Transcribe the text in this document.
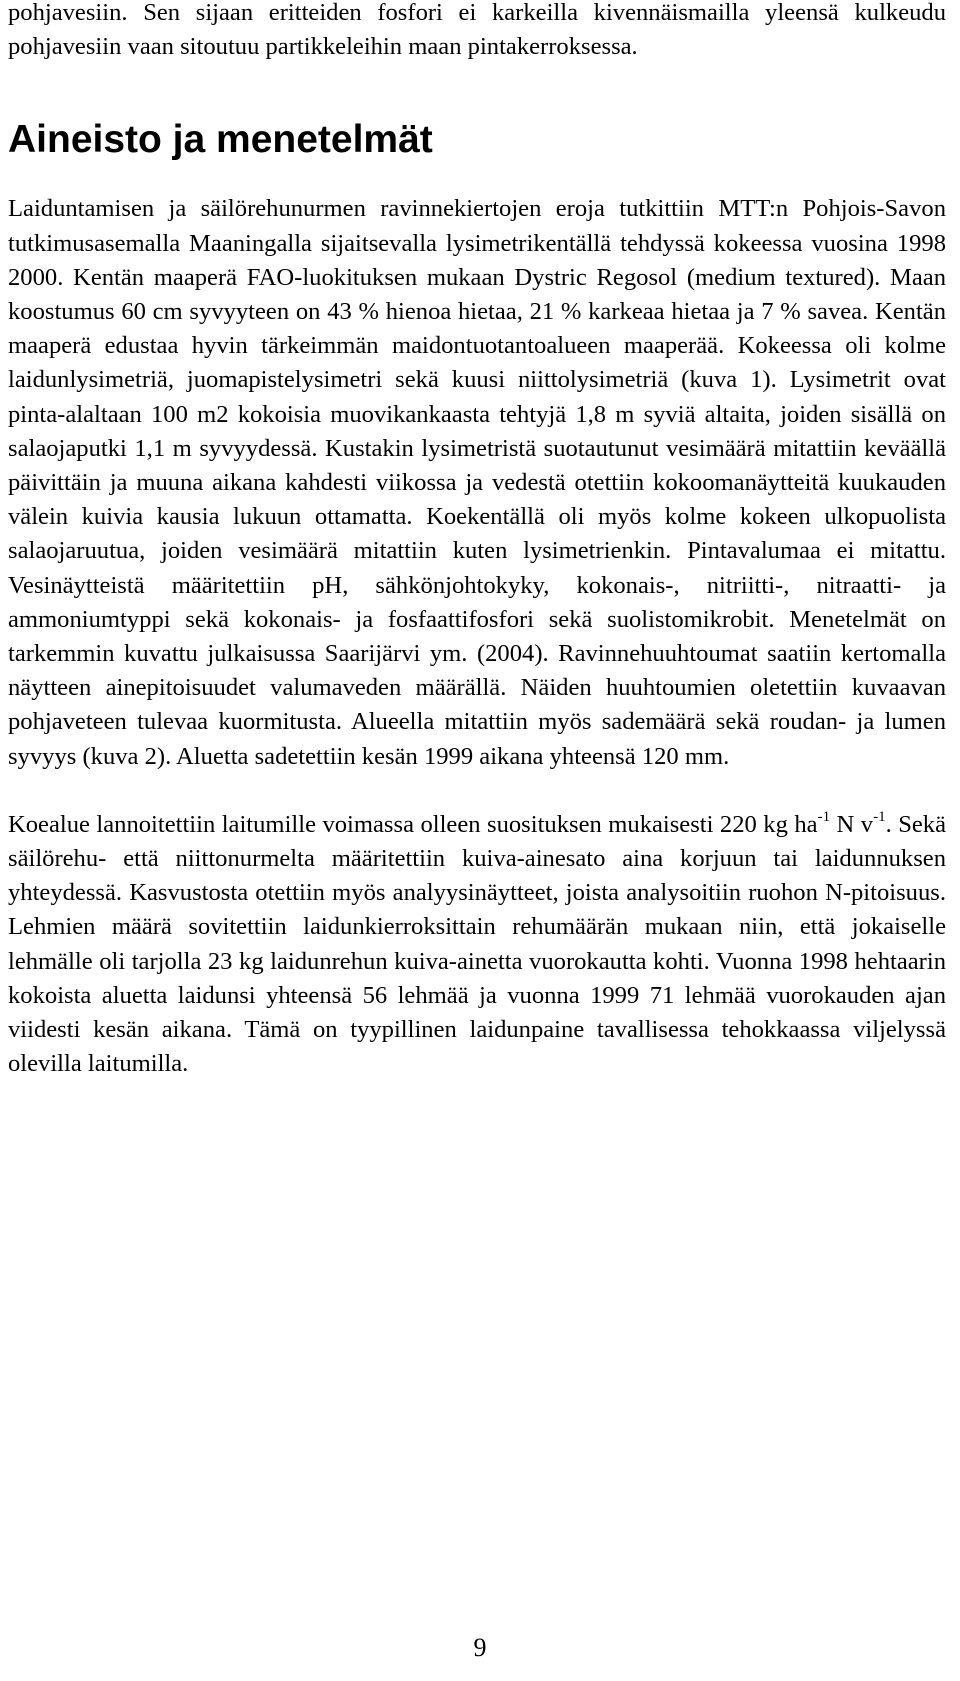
pohjavesiin. Sen sijaan eritteiden fosfori ei karkeilla kivennäismailla yleensä kulkeudu pohjavesiin vaan sitoutuu partikkeleihin maan pintakerroksessa.

Aineisto ja menetelmät

Laiduntamisen ja säilörehunurmen ravinnekiertojen eroja tutkittiin MTT:n Pohjois-Savon tutkimusasemalla Maaningalla sijaitsevalla lysimetrikentällä tehdyssä kokeessa vuosina 1998 2000. Kentän maaperä FAO-luokituksen mukaan Dystric Regosol (medium textured). Maan koostumus 60 cm syvyyteen on 43 % hienoa hietaa, 21 % karkeaa hietaa ja 7 % savea. Kentän maaperä edustaa hyvin tärkeimmän maidontuotantoalueen maaperää. Kokeessa oli kolme laidunlysimetriä, juomapistelysimetri sekä kuusi niittolysimetriä (kuva 1). Lysimetrit ovat pinta-alaltaan 100 m2 kokoisia muovikankaasta tehtyjä 1,8 m syviä altaita, joiden sisällä on salaojaputki 1,1 m syvyydessä. Kustakin lysimetristä suotautunut vesimäärä mitattiin keväällä päivittäin ja muuna aikana kahdesti viikossa ja vedestä otettiin kokoomanäytteitä kuukauden välein kuivia kausia lukuun ottamatta. Koekentällä oli myös kolme kokeen ulkopuolista salaojaruutua, joiden vesimäärä mitattiin kuten lysimetrienkin. Pintavalumaa ei mitattu. Vesinäytteistä määritettiin pH, sähkönjohtokyky, kokonais-, nitriitti-, nitraatti- ja ammoniumtyppi sekä kokonais- ja fosfaattifosfori sekä suolistomikrobit. Menetelmät on tarkemmin kuvattu julkaisussa Saarijärvi ym. (2004). Ravinnehuuhtoumat saatiin kertomalla näytteen ainepitoisuudet valumaveden määrällä. Näiden huuhtoumien oletettiin kuvaavan pohjaveteen tulevaa kuormitusta. Alueella mitattiin myös sademäärä sekä roudan- ja lumen syvyys (kuva 2). Aluetta sadetettiin kesän 1999 aikana yhteensä 120 mm.

Koealue lannoitettiin laitumille voimassa olleen suosituksen mukaisesti 220 kg $ha^{-1}$ N $v^{-1}$. Sekä säilörehu- että niittonurmelta määritettiin kuiva-ainesato aina korjuun tai laidunnuksen yhteydessä. Kasvustosta otettiin myös analyysinäytteet, joista analysoitiin ruohon N-pitoisuus. Lehmien määrä sovitettiin laidunkierroksittain rehumäärän mukaan niin, että jokaiselle lehmälle oli tarjolla 23 kg laidunrehun kuiva-ainetta vuorokautta kohti. Vuonna 1998 hehtaarin kokoista aluetta laidunsi yhteensä 56 lehmää ja vuonna 1999 71 lehmää vuorokauden ajan viidesti kesän aikana. Tämä on tyypillinen laidunpaine tavallisessa tehokkaassa viljelyssä olevilla laitumilla.

9
